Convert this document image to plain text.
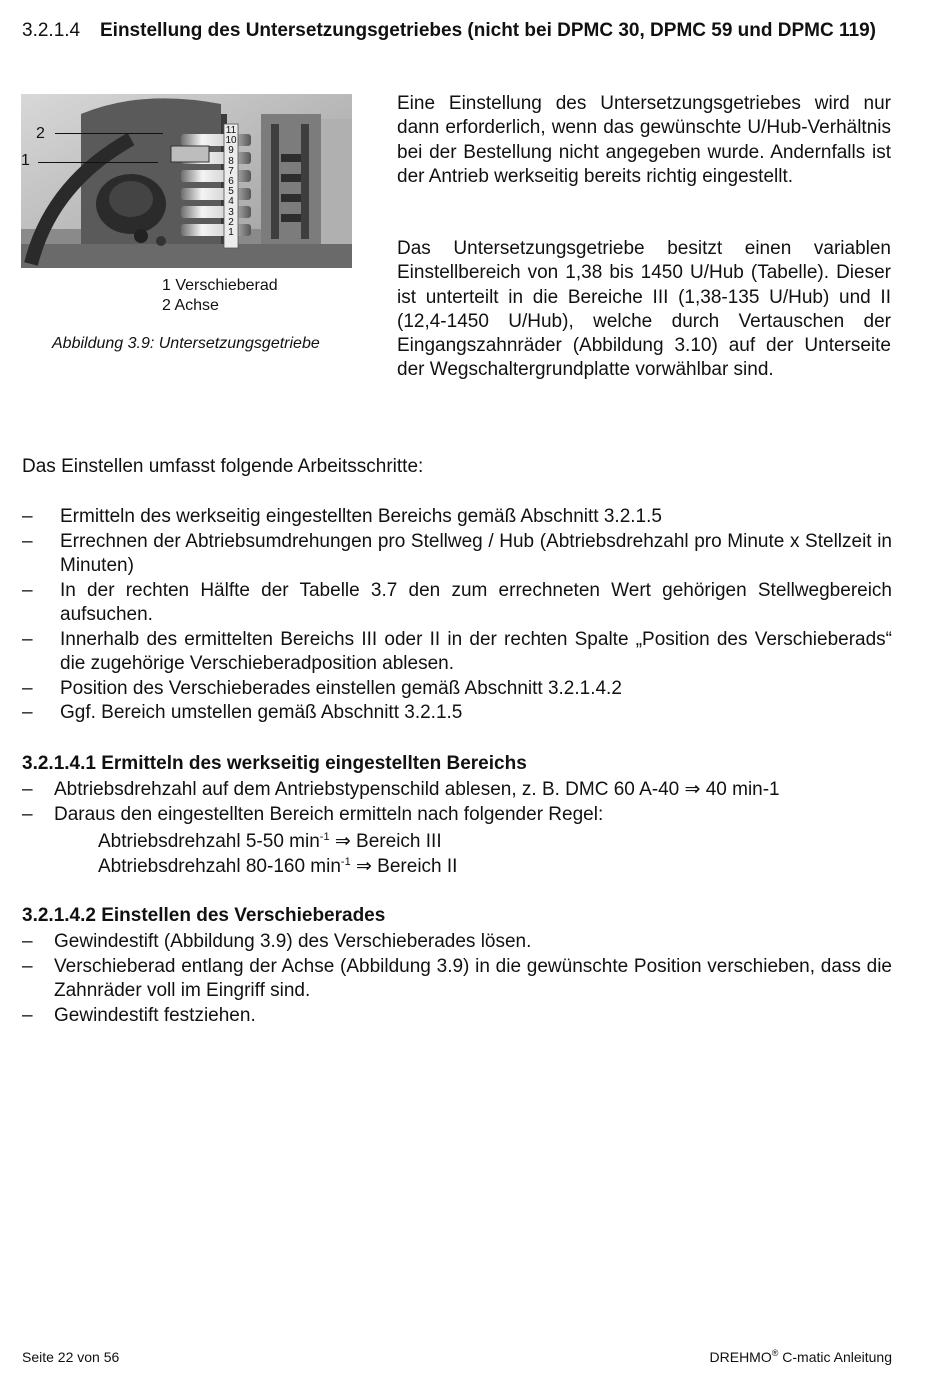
3.2.1.4 Einstellung des Untersetzungsgetriebes (nicht bei DPMC 30, DPMC 59 und DPMC 119)
11 10 9 8 7 6 5 4 3 2 1
2
1
1 Verschieberad
2 Achse
Abbildung 3.9: Untersetzungsgetriebe
Eine Einstellung des Untersetzungsgetriebes wird nur dann erforderlich, wenn das gewünschte U/Hub-Verhältnis bei der Bestellung nicht angegeben wurde. Andernfalls ist der Antrieb werkseitig bereits richtig eingestellt.
Das Untersetzungsgetriebe besitzt einen variablen Einstellbereich von 1,38 bis 1450 U/Hub (Tabelle). Dieser ist unterteilt in die Bereiche III (1,38-135 U/Hub) und II (12,4-1450 U/Hub), welche durch Vertauschen der Eingangszahnräder (Abbildung 3.10) auf der Unterseite der Wegschaltergrundplatte vorwählbar sind.
Das Einstellen umfasst folgende Arbeitsschritte:
– Ermitteln des werkseitig eingestellten Bereichs gemäß Abschnitt 3.2.1.5
– Errechnen der Abtriebsumdrehungen pro Stellweg / Hub (Abtriebsdrehzahl pro Minute x Stellzeit in Minuten)
– In der rechten Hälfte der Tabelle 3.7 den zum errechneten Wert gehörigen Stellwegbereich aufsuchen.
– Innerhalb des ermittelten Bereichs III oder II in der rechten Spalte „Position des Verschieberads“ die zugehörige Verschieberadposition ablesen.
– Position des Verschieberades einstellen gemäß Abschnitt 3.2.1.4.2
– Ggf. Bereich umstellen gemäß Abschnitt 3.2.1.5
3.2.1.4.1 Ermitteln des werkseitig eingestellten Bereichs
– Abtriebsdrehzahl auf dem Antriebstypenschild ablesen, z. B. DMC 60 A-40 ⇒ 40 min-1
– Daraus den eingestellten Bereich ermitteln nach folgender Regel:
Abtriebsdrehzahl 5-50 $\min^{-1}$ ⇒ Bereich III
Abtriebsdrehzahl 80-160 $\min^{-1}$ ⇒ Bereich II
3.2.1.4.2 Einstellen des Verschieberades
– Gewindestift (Abbildung 3.9) des Verschieberades lösen.
– Verschieberad entlang der Achse (Abbildung 3.9) in die gewünschte Position verschieben, dass die Zahnräder voll im Eingriff sind.
– Gewindestift festziehen.
Seite 22 von 56	DREHMO® C-matic Anleitung
